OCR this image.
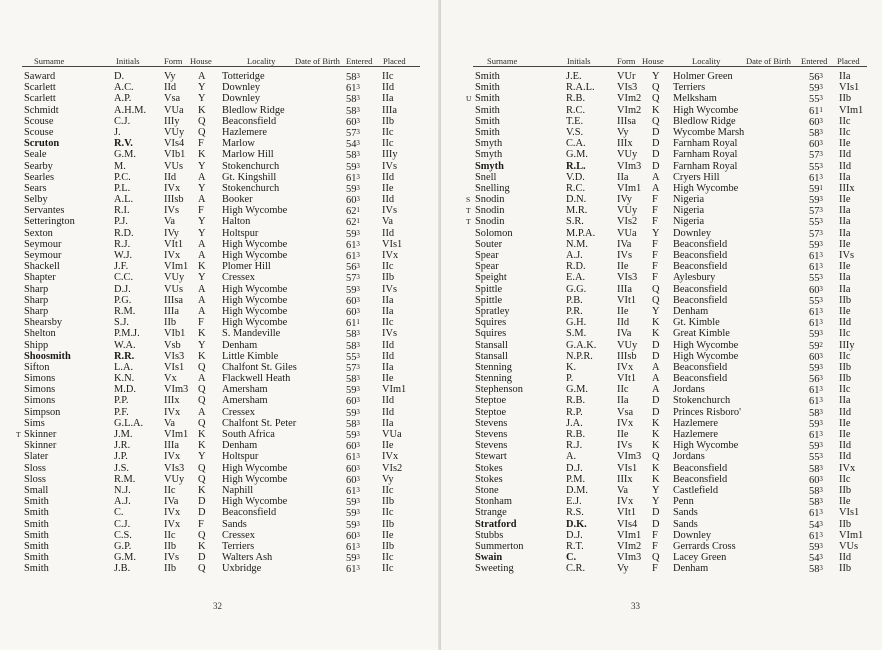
Surname	Initials	Form House	Locality Date of Birth Entered Placed
Saward	D.	Vy A Totteridge	$58^3$ IIc
Scarlett	A.C.	IId Y Downley	$61^3$ IId
Scarlett	A.P.	Vsa Y Downley	$58^3$ IIa
Schmidt	A.H.M. VUa K Bledlow Ridge	$58^3$ IIIa
Scouse	C.J.	IIIy Q Beaconsfield	$60^3$ IIb
Scouse	J.	VUy Q Hazlemere	$57^3$ IIc
Scruton	R.V.	VIs4 F Marlow	$54^3$ IIc
Seale	G.M.	VIb1 K Marlow Hill	$58^3$ IIIy
Searby	M.	VUs Y Stokenchurch	$59^3$ IVs
Searles	P.C.	IId A Gt. Kingshill	$61^3$ IId
Sears	P.L.	IVx Y Stokenchurch	$59^3$ IIe
Selby	A.L.	IIIsb A Booker	$60^3$ IId
Servantes	R.I.	IVs F High Wycombe	$62^1$ IVs
Setterington	P.J.	Va Y Halton	$62^1$ Va
Sexton	R.D.	IVy Y Holtspur	$59^3$ IId
Seymour	R.J.	VIt1 A High Wycombe	$61^3$ VIs1
Seymour	W.J.	IVx A High Wycombe	$61^3$ IVx
Shackell	J.F.	VIm1 K Plomer Hill	$56^3$ IIc
Shapter	C.C.	VUy Y Cressex	$57^3$ IIb
Sharp	D.J.	VUs A High Wycombe	$59^3$ IVs
Sharp	P.G.	IIIsa A High Wycombe	$60^3$ IIa
Sharp	R.M.	IIIa A High Wycombe	$60^3$ IIa
Shearsby	S.J.	IIb F High Wycombe	$61^1$ IIc
Shelton	P.M.J. VIb1 K S. Mandeville	$58^3$ IVs
Shipp	W.A.	Vsb Y Denham	$58^3$ IId
Shoosmith	R.R.	VIs3 K Little Kimble	$55^3$ IId
Sifton	L.A.	VIs1 Q Chalfont St. Giles	$57^3$ IIa
Simons	K.N.	Vx A Flackwell Heath	$58^3$ IIe
Simons	M.D.	VIm3 Q Amersham	$59^3$ VIm1
Simons	P.P.	IIIx Q Amersham	$60^3$ IId
Simpson	P.F.	IVx A Cressex	$59^3$ IId
Sims	G.L.A. Va Q Chalfont St. Peter	$58^3$ IIa
T Skinner	J.M.	VIm1 K South Africa	$59^3$ VUa
Skinner	J.R.	IIIa K Denham	$60^3$ IIe
Slater	J.P.	IVx Y Holtspur	$61^3$ IVx
Sloss	J.S.	VIs3 Q High Wycombe	$60^3$ VIs2
Sloss	R.M.	VUy Q High Wycombe	$60^3$ Vy
Small	N.J.	IIc K Naphill	$61^3$ IIc
Smith	A.J.	IVa D High Wycombe	$59^3$ IIb
Smith	C.	IVx D Beaconsfield	$59^3$ IIc
Smith	C.J.	IVx F Sands	$59^3$ IIb
Smith	C.S.	IIc Q Cressex	$60^3$ IIe
Smith	G.P.	IIb K Terriers	$61^3$ IIb
Smith	G.M.	IVs D Walters Ash	$59^3$ IIc
Smith	J.B.	IIb Q Uxbridge	$61^3$ IIc
32
Surname	Initials	Form House	Locality	Date of Birth Entered Placed
Smith	J.E.	VUr Y Holmer Green	$56^3$ IIa
Smith	R.A.L. VIs3 Q Terriers	$59^3$ VIs1
U Smith	R.B.	VIm2 Q Melksham	$55^3$ IIb
Smith	R.C.	VIm2 K High Wycombe	$61^1$ VIm1
Smith	T.E.	IIIsa Q Bledlow Ridge	$60^3$ IIc
Smith	V.S.	Vy D Wycombe Marsh	$58^3$ IIc
Smyth	C.A.	IIIx D Farnham Royal	$60^3$ IIe
Smyth	G.M.	VUy D Farnham Royal	$57^3$ IId
Smyth	R.L.	VIm3 D Farnham Royal	$55^3$ IId
Snell	V.D.	IIa A Cryers Hill	$61^3$ IIa
Snelling	R.C.	VIm1 A High Wycombe	$59^1$ IIIx
S Snodin	D.N.	IVy F Nigeria	$59^3$ IIe
T Snodin	M.R.	VUy F Nigeria	$57^3$ IIa
T Snodin	S.R.	VIs2 F Nigeria	$55^3$ IIa
Solomon	M.P.A. VUa Y Downley	$57^3$ IIa
Souter	N.M.	IVa F Beaconsfield	$59^3$ IIe
Spear	A.J.	IVs F Beaconsfield	$61^3$ IVs
Spear	R.D.	IIe F Beaconsfield	$61^3$ IIe
Speight	E.A.	VIs3 F Aylesbury	$55^3$ IIa
Spittle	G.G.	IIIa Q Beaconsfield	$60^3$ IIa
Spittle	P.B.	VIt1 Q Beaconsfield	$55^3$ IIb
Spratley	P.R.	IIe Y Denham	$61^3$ IIe
Squires	G.H.	IId K Gt. Kimble	$61^3$ IId
Squires	S.M.	IVa K Great Kimble	$59^3$ IIc
Stansall	G.A.K. VUy D High Wycombe	$59^2$ IIIy
Stansall	N.P.R. IIIsb D High Wycombe	$60^3$ IIc
Stenning	K.	IVx A Beaconsfield	$59^3$ IIb
Stenning	P.	VIt1 A Beaconsfield	$56^3$ IIb
Stephenson	G.M.	IIc A Jordans	$61^3$ IIc
Steptoe	R.B.	IIa D Stokenchurch	$61^3$ IIa
Steptoe	R.P.	Vsa D Princes Risboro'	$58^3$ IId
Stevens	J.A.	IVx K Hazlemere	$59^3$ IIe
Stevens	R.B.	IIe K Hazlemere	$61^3$ IIe
Stevens	R.J.	IVs K High Wycombe	$59^3$ IId
Stewart	A.	VIm3 Q Jordans	$55^3$ IId
Stokes	D.J.	VIs1 K Beaconsfield	$58^3$ IVx
Stokes	P.M.	IIIx K Beaconsfield	$60^3$ IIc
Stone	D.M.	Va Y Castlefield	$58^3$ IIb
Stonham	E.J.	IVx Y Penn	$58^3$ IIe
Strange	R.S.	VIt1 D Sands	$61^3$ VIs1
Stratford	D.K.	VIs4 D Sands	$54^3$ IIb
Stubbs	D.J.	VIm1 F Downley	$61^3$ VIm1
Summerton	R.T.	VIm2 F Gerrards Cross	$59^3$ VUs
Swain	C.	VIm3 Q Lacey Green	$54^3$ IId
Sweeting	C.R.	Vy F Denham	$58^3$ IIb
33
